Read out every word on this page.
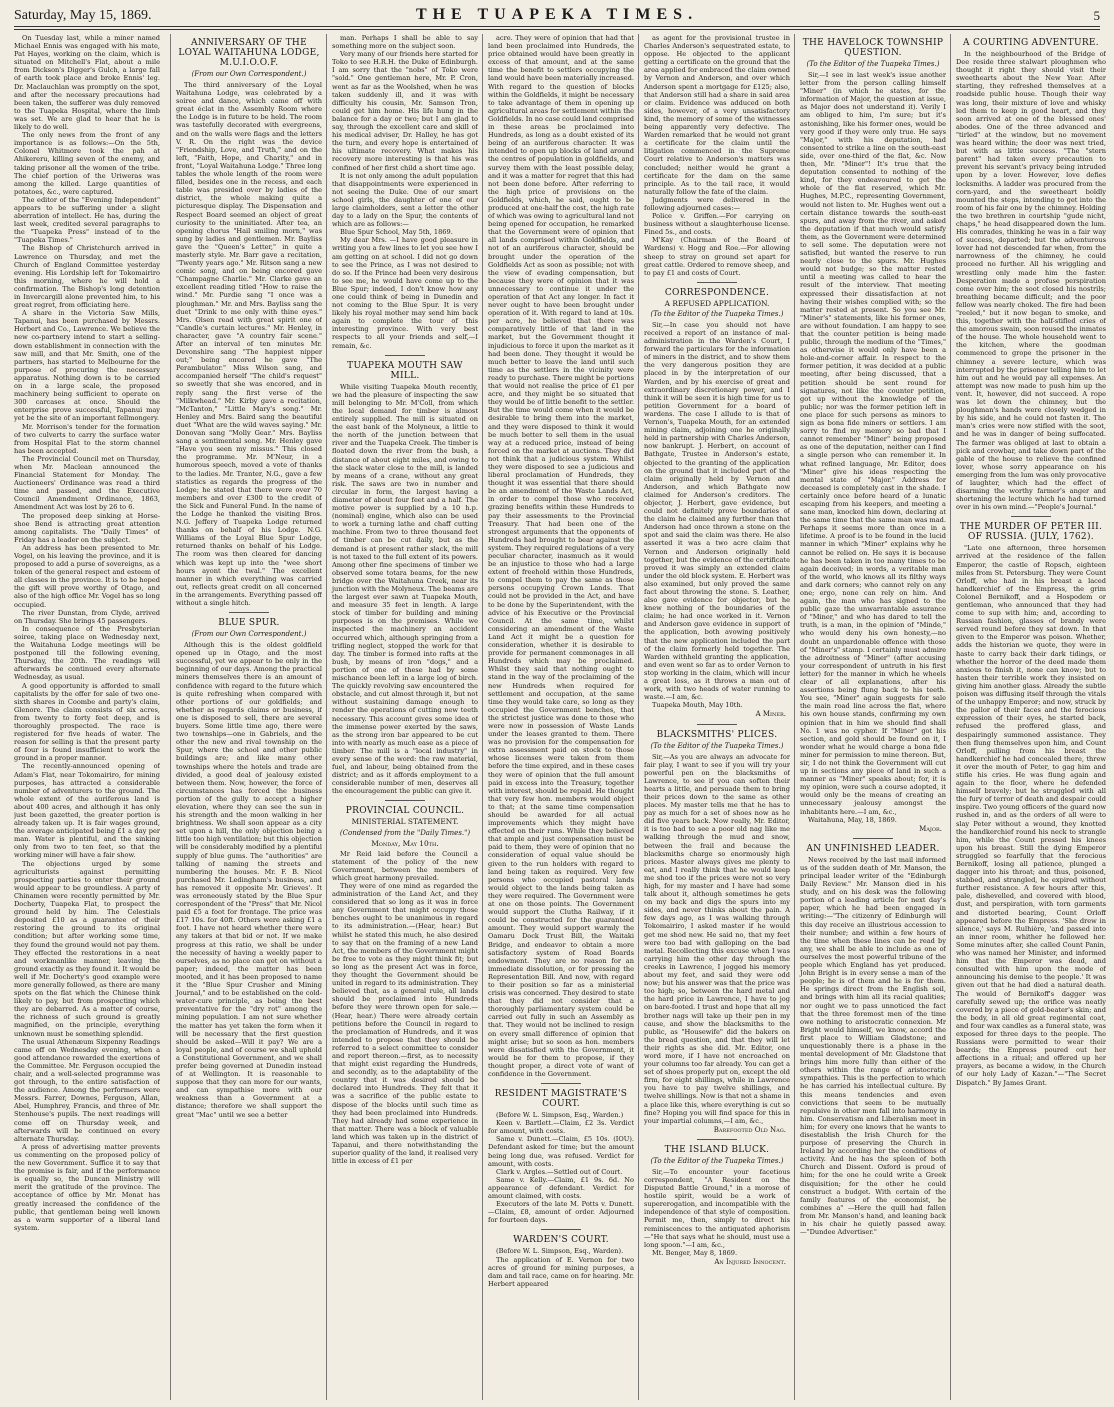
Saturday, May 15, 1869.	THE TUAPEKA TIMES.	5

On Tuesday last, while a miner named Michael Ennis was engaged with his mate, Pat Hayes, working on the claim, which is situated on Mitchell's Flat, about a mile from Dickson's Digger's Gulch, a large fall of earth took place and broke Ennis' leg. Dr. Maclauchlan was promptly on the spot, and after the necessary precautions had been taken, the sufferer was duly removed to the Tuapeka Hospital, where the limb was set. We are glad to hear that he is likely to do well.

The only news from the front of any importance is as follows:—On the 5th, Colonel Whitmore took the pah at Ahikereru, killing seven of the enemy, and taking prisoner all the women of the tribe. The chief portion of the Uriweras was among the killed. Large quantities of potatoes, &c., were captured.

The editor of the "Evening Independent" appears to be suffering under a slight aberration of intellect. He has, during the last week, credited several paragraphs to the "Tuapeka Press" instead of to the "Tuapeka Times."

The Bishop of Christchurch arrived in Lawrence on Thursday, and met the Church of England Committee yesterday evening. His Lordship left for Tokomairiro this morning, where he will hold a confirmation. The Bishop's long detention in Invercargill alone prevented him, to his great regret, from officiating here.

A share in the Victoria Saw Mills, Tapanui, has been purchased by Messrs. Herbert and Co., Lawrence. We believe the new co-partnery intend to start a selling-down establishment in connection with the saw mill, and that Mr. Smith, one of the partners, has started to Melbourne for the purpose of procuring the necessary apparatus. Nothing down is to be carried on in a large scale, the proposed machinery being sufficient to operate on 300 carcases at once. Should the enterprise prove successful, Tapanui may yet be the site of an important fellmongery.

Mr. Morrison's tender for the formation of two culverts to carry the surface water from Hospital Flat to the storm channel has been accepted.

The Provincial Council met on Thursday, when Mr. Maclean announced the Financial Statement for Monday. The Auctioneers' Ordinance was read a third time and passed, and the Executive Council Amendment Ordinance, 1863, Amendment Act was lost by 26 to 6.

The proposed deep sinking at Horse-shoe Bend is attracting great attention among capitalists. The "Daily Times" of Friday has a leader on the subject.

An address has been presented to Mr. Vogel, on his leaving the province, and it is proposed to add a purse of sovereigns, as a token of the general respect and esteem of all classes in the province. It is to be hoped the gift will prove worthy of Otago, and also of the high office Mr. Vogel has so long occupied.

The river Dunstan, from Clyde, arrived on Thursday. She brings 45 passengers.

In consequence of the Presbyterian soiree, taking place on Wednesday next, the Waitahuna Lodge meetings will be postponed till the following evening, Thursday, the 20th. The readings will afterwards be continued every alternate Wednesday, as usual.

A good opportunity is afforded to small capitalists by the offer for sale of two one-sixth shares in Coombe and party's claim, Glenore. The claim consists of six acres, from twenty to forty feet deep, and is thoroughly prospected. The race is registered for five heads of water. The reason for selling is that the present party of four is found insufficient to work the ground in a proper manner.

The recently-announced opening of Adam's Flat, near Tokomairiro, for mining purposes, has attracted a considerable number of adventurers to the ground. The whole extent of the auriferous land is about 400 acres, and although it has only just been gazetted, the greater portion is already taken up. It is fair wages ground, the average anticipated being £1 a day per man. Water is plentiful, and the sinking only from two to ten feet, so that the working miner will have a fair show.

The objections urged by some agriculturists against permitting prospecting parties to enter their ground would appear to be groundless. A party of Chinamen were recently permitted by Mr. Docherty, Tuapeka Flat, to prospect the ground held by him. The Celestials deposited £10 as a guarantee of their restoring the ground to its original condition; but after working some time, they found the ground would not pay them. They effected the restorations in a neat and workmanlike manner, leaving the ground exactly as they found it. It would be well if Mr. Docherty's good example were more generally followed, as there are many spots on the flat which the Chinese think likely to pay, but from prospecting which they are debarred. As a matter of course, the richness of such ground is greatly magnified, on the principle, everything unknown must be something splendid.

The usual Athenæum Sixpenny Readings came off on Wednesday evening, when a good attendance rewarded the exertions of the Committee. Mr. Ferguson occupied the chair, and a well-selected programme was got through, to the entire satisfaction of the audience. Among the performers were Messrs. Farrer, Downes, Ferguson, Allan, Abel, Humphrey, Francis, and three of Mr. Stenhouse's pupils. The next readings will come off on Thursday week, and afterwards will be continued on every alternate Thursday.

A press of advertising matter prevents us commenting on the proposed policy of the new Government. Suffice it to say that the promise is fair, and if the performance is equally so, the Duncan Ministry will merit the gratitude of the province. The acceptance of office by Mr. Monat has greatly increased the confidence of the public, that gentleman being well known as a warm supporter of a liberal land system.

ANNIVERSARY OF THE LOYAL WAITAHUNA LODGE, M.U.I.O.O.F.
(From our Own Correspondent.)

The third anniversary of the Loyal Waitahuna Lodge, was celebrated by a soiree and dance, which came off with great éclat in the Assembly Room where the Lodge is in future to be held. The room was tastefully decorated with evergreens, and on the walls were flags and the letters V. R. On the right was the device "Friendship, Love, and Truth," and on the left, "Faith, Hope, and Charity," and in front, "Loyal Waitahuna Lodge." Three long tables the whole length of the room were filled, besides one in the recess, and each table was presided over by ladies of the district, the whole making quite a picturesque display. The Dispensation and Respect Board seemed an object of great curiosity to the uninitiated. After tea, an opening chorus "Hail smiling morn," was sung by ladies and gentlemen. Mr. Bayliss gave the "Queen's Letter," in quite a masterly style. Mr. Barr gave a recitation, "Twenty years ago." Mr. Ritson sang a new comic song, and on being encored gave "Champagne Charlie." Mr. Clarke gave an excellent reading titled "How to raise the wind." Mr. Purdie sang "I once was a ploughman." Mr. and Mrs. Bayliss sang the duet "Drink to me only with thine eyes." Mrs. Olsen read with great spirit one of "Candle's curtain lectures." Mr. Henley, in character, gave "A country fair scene." After an interval of ten minutes Mr. Devonshire sang "The happiest nipper out;" being encored he gave "The Perambulator." Miss Wilson sang, and accompanied herself "The child's request" so sweetly that she was encored, and in reply sang the first verse of the "Milkwhead." Mr. Kirby gave a recitation, "McTanton," "Little Mary's song." Mr. Henley and Mrs. Baird sang the beautiful duet "What are the wild waves saying." Mr. Donovan sang "Molly Gear." Mrs. Bayliss sang a sentimental song. Mr. Henley gave "Have you seen my missus." This closed the programme. Mr. M'Neur, in a humorous speech, moved a vote of thanks to the ladies. Mr. Tranter, N.G., gave a few statistics as regards the progress of the Lodge; he stated that there were over 70 members and over £300 to the credit of the Sick and Funeral Fund. In the name of the Lodge he thanked the visiting Bros. N.G. Jeffery of Tuapeka Lodge returned thanks on behalf of his Lodge. N.G. Williams of the Loyal Blue Spur Lodge, returned thanks on behalf of his Lodge. The room was then cleared for dancing which was kept up into the "wee short hours ayont the twal." The excellent manner in which everything was carried out, reflects great credit on all concerned in the arrangements. Everything passed off without a single hitch.

BLUE SPUR.
(From our Own Correspondent.)

Although this is the oldest goldfield opened up in Otago, and the most successful, yet we appear to be only in the beginning of our days. Among the practical miners themselves there is an amount of confidence with regard to the future which is quite refreshing when compared with other portions of our goldfields; and whether as regards claims or business, if one is disposed to sell, there are several buyers. Some little time ago, there were two townships—one in Gabriels, and the other the new and rival township on the Spur, where the school and other public buildings are; and like many other townships where the hotels and trade are divided, a good deal of jealousy existed between them. Now, however, the force of circumstances has forced the business portion of the gully to accept a higher elevation, where they can see the sun in his strength and the moon walking in her brightness. We shall soon appear as a city set upon a hill, the only objection being a little too high ventilation; but this objection will be considerably modified by a plentiful supply of blue gums. The "authorities" are talking of naming the streets and numbering the houses. Mr. F. B. Nicol purchased Mr. Ledingham's business, and has removed it opposite Mr. Grieves'. It was erroneously stated by the Blue Spur correspondent of the "Press" that Mr. Nicol paid £5 a foot for frontage. The price was £17 10s. for 40ft. Others were asking £1 a foot. I have not heard whether there were any takers at that bid or not. If we make progress at this ratio, we shall be under the necessity of having a weekly paper to ourselves, as no place can get on without a paper; indeed, the matter has been mooted, and it has been proposed to name it the "Blue Spur Crusher and Mining Journal," and to be established on the cold-water-cure principle, as being the best preventative for the "dry rot" among the mining population. I am not sure whether the matter has yet taken the form when it will be necessary that the first question should be asked—Will it pay? We are a loyal people, and of course we shall uphold a Constitutional Government, and we shall prefer being governed at Dunedin instead of at Wellington. It is reasonable to suppose that they can more for our wants, and can sympathise more with our weakness than a Government at a distance; therefore we shall support the great "Mac" until we see a better

man. Perhaps I shall be able to say something more on the subject soon.

Very many of our friends here started for Toko to see H.R.H. the Duke of Edinburgh. I am sorry that the "nobs" of Toko were "sold." One gentleman here, Mr. P. Cron, went as far as the Woolshed, when he was taken suddenly ill, and it was with difficulty his cousin, Mr. Samson Tron, could get him home. His life hung in the balance for a day or two; but I am glad to say, through the excellent care and skill of his medical adviser, Dr. Halley, he has got the turn, and every hope is entertained of his ultimate recovery. What makes his recovery more interesting is that his was confined of her first child a short time ago.

It is not only among the adult population that disappointments were experienced in not seeing the Duke. One of our smart school girls, the daughter of one of our large claimholders, sent a letter the other day to a lady on the Spur, the contents of which are as follows:—

Blue Spur School, May 5th, 1869.

My dear Mrs. —I have good pleasure in writing you a few lines to let you see how I am getting on at school. I did not go down to see the Prince, as I was not desired to do so. If the Prince had been very desirous to see me, he would have come up to the Blue Spur; indeed, I don't know how any one could think of being in Dunedin and not coming to the Blue Spur. It is very likely his royal mother may send him back again to complete the tour of this interesting province. With very best respects to all your friends and self,—I remain, &c.

TUAPEKA MOUTH SAW MILL.

While visiting Tuapeka Mouth recently, we had the pleasure of inspecting the saw mill belonging to Mr. M'Coll, from which the local demand for timber is almost entirely supplied. The mill is situated on the east bank of the Molyneux, a little to the north of the junction between that river and the Tuapeka Creek. The timber is floated down the river from the bush, a distance of about eight miles, and owing to the slack water close to the mill, is landed by means of a crane, without any great risk. The saws are two in number and circular in form, the largest having a diameter of about four feet and a half. The motive power is supplied by a 10 h.p. (nominal) engine, which also can be used to work a turning lathe and chaff cutting machine. From two to three thousand feet of timber can be cut daily, but as the demand is at present rather slack, the mill is not taxed to the full extent of its powers. Among other fine specimens of timber we observed some totara beams, for the new bridge over the Waitahuna Creek, near its junction with the Molyneux. The beams are the largest ever sawn at Tuapeka Mouth, and measure 35 feet in length. A large stock of timber for building and mining purposes is on the premises. While we inspected the machinery an accident occurred which, although springing from a trifling neglect, stopped the work for that day. The timber is formed into rafts at the bush, by means of iron "dogs," and a portion of one of these had by some mischance been left in a large log of birch. The quickly revolving saw encountered the obstacle, and cut almost through it, but not without sustaining damage enough to render the operations of cutting new teeth necessary. This account gives some idea of the immense power exerted by the saws, as the strong iron bar appeared to be cut into with nearly as much ease as a piece of timber. The mill is a "local industry" in every sense of the word: the raw material, fuel, and labour, being obtained from the district; and as it affords employment to a considerable number of men, deserves all the encouragement the public can give it.

PROVINCIAL COUNCIL.
MINISTERIAL STATEMENT.
(Condensed from the "Daily Times.")
Monday, May 10th.

Mr Reid laid before the Council a statement of the policy of the new Government, between the members of which great harmony prevailed.

They were of one mind as regarded the administration of the Land Act, and they considered that so long as it was in force any Government that might occupy those benches ought to be unanimous in regard to its administration.—(Hear, hear.) But whilst he stated this much, he also desired to say that on the framing of a new Land Act, the members of the Government might be free to vote as they might think fit; but so long as the present Act was in force, they thought the Government should be united in regard to its administration. They believed that, as a general rule, all lands should be proclaimed into Hundreds before they were thrown open for sale.—(Hear, hear.) There were already certain petitions before the Council in regard to the proclamation of Hundreds, and it was intended to propose that they should be referred to a select committee to consider and report thereon.—first, as to necessity that might exist regarding the Hundreds, and secondly, as to the adaptability of the country that it was desired should be declared into Hundreds. They felt that it was a sacrifice of the public estate to dispose of the blocks until such time as they had been proclaimed into Hundreds. They had already had some experience in that matter. There was a block of valuable land which was taken up in the district of Tapanui, and there notwithstanding the superior quality of the land, it realised very little in excess of £1 per

acre. They were of opinion that had that land been proclaimed into Hundreds, the price obtained would have been greatly in excess of that amount, and at the same time the benefit to settlers occupying the land would have been materially increased. With regard to the question of blocks within the Goldfields, it might be necessary to take advantage of them in opening up agricultural areas for settlement within the Goldfields. In no case could land comprised in these areas be proclaimed into Hundreds, as long as a doubt existed of its being of an auriferous character. It was intended to open up blocks of land around the centres of population in goldfields, and survey them with the least possible delay, and it was a matter for regret that this had not been done before. After referring to the high price of provisions on the Goldfields, which, he said, ought to be produced at one-half the cost, the high rate of which was owing to agricultural land not being opened for occupation, he remarked that the Government were of opinion that all lands comprised within Goldfields, and not of an auriferous character, should be brought under the operation of the Goldfields Act as soon as possible; not with the view of evading compensation, but because they were of opinion that it was unnecessary to continue it under the operation of that Act any longer. In fact it never ought to have been brought under operation of it. With regard to land at 10s. per acre, he believed that there was comparatively little of that land in the market, but the Government thought it injudicious to force it upon the market as it had been done. They thought it would be much better to leave the land until such time as the settlers in the vicinity were ready to purchase. There might be portions that would not realise the price of £1 per acre, and they might be so situated that they would be of little benefit to the settler. But the time would come when it would be desirable to bring them into the market, and they were disposed to think it would be much better to sell them in the usual way at a reduced price, instead of being forced on the market at auctions. They did not think that a judicious system. Whilst they were disposed to see a judicious and liberal proclamation of Hundreds, they thought it was essential that there should be an amendment of the Waste Lands Act, in order to compel those who received grazing benefits within these Hundreds to pay their assessments to the Provincial Treasury. That had been one of the strongest arguments that the opponents of Hundreds had brought to bear against the system. They required regulations of a very peculiar character, inasmuch as it would be an injustice to those who had a large extent of freehold within those Hundreds, to compel them to pay the same as those persons occupying Crown Lands. That could not be provided in the Act, and have to be done by the Superintendent, with the advice of his Executive or the Provincial Council. At the same time, whilst considering an amendment of the Waste Land Act it might be a question for consideration, whether it is desirable to provide for permanent commonages in all Hundreds which may be proclaimed. Whilst they said that nothing ought to stand in the way of the proclaiming of the new Hundreds when required for settlement and occupation, at the same time they would take care, so long as they occupied the Government benches, that the strictest justice was done to those who were now in possession of Waste Lands under the leases granted to them. There was no provision for the compensation for extra assessment paid on stock to those whose licenses were taken from them before the time expired, and in these cases they were of opinion that the full amount paid in excess into the Treasury, together with interest, should be repaid. He thought that very few hon. members would object to that; at the same time compensation should be awarded for all actual improvements which they might have effected on their runs. While they believed that ample and just compensation must be paid to them, they were of opinion that no consideration of equal value should be given to the run holders with regard to land being taken as required. Very few persons who occupied pastoral lands would object to the lands being taken as they were required. The Government were at one on those points. The Government would support the Clutha Railway, if it could be constructed for the guaranteed amount. They would support warmly the Oamaru Dock Trust Bill, the Waitaki Bridge, and endeavor to obtain a more satisfactory system of Road Boards endowment. They are no reason for an immediate dissolution, or for pressing the Representation Bill. And now, with regard to their position so far as a ministerial crisis was concerned. They desired to state that they did not consider that a thoroughly parliamentary system could be carried out fully in such an Assembly as that. They would not be inclined to resign on every small difference of opinion that might arise; but so soon as hon. members were dissatisfied with the Government, it would be for them to propose, if they thought proper, a direct vote of want of confidence in the Government.

RESIDENT MAGISTRATE'S COURT.

(Before W. L. Simpson, Esq., Warden.)

Keen v. Bartlett.—Claim, £2 3s. Verdict for amount, with costs.

Same v. Dunett.—Claim, £5 10s. (IOU). Defendant asked for time; but the amount being long due, was refused. Verdict for amount, with costs.

Clark v. Argles.—Settled out of Court.

Same v. Kelly.—Claim, £1 9s. 6d. No appearance of defendant. Verdict for amount claimed, with costs.

Executors of the late M. Potts v. Dunett.—Claim, £8, amount of order. Adjourned for fourteen days.

WARDEN'S COURT.

(Before W. L. Simpson, Esq., Warden).

The application of E. Vernon for two acres of ground for mining purposes, a dam and tail race, came on for hearing. Mr. Herbert appeared

as agent for the provisional trustee in Charles Anderson's sequestrated estate, to oppose. He objected to the applicant getting a certificate on the ground that the area applied for embraced the claim owned by Vernon and Anderson, and over which Anderson spent a mortgage for £125; also, that Anderson still had a share in said area or claim. Evidence was adduced on both sides, however, of a very unsatisfactory kind, the memory of some of the witnesses being apparently very defective. The Warden remarked that he would not grant a certificate for the claim until the litigation commenced in the Supreme Court relative to Anderson's matters was concluded; neither would he grant a certificate for the dam on the same principle. As to the tail race, it would naturally follow the fate of the claim.

Judgments were delivered in the following adjourned cases:—

Police v. Griffen.—For carrying on business without a slaughterhouse license. Fined 5s., and costs.

M'Kay (Chairman of the Board of Wardens) v. Hogg and Roe.—For allowing sheep to stray on ground set apart for great cattle. Ordered to remove sheep, and to pay £1 and costs of Court.

CORRESPONDENCE.
A REFUSED APPLICATION.
(To the Editor of the Tuapeka Times.)

Sir,—In case you should not have received a report of an instance of mal-administration in the Warden's Court, I forward the particulars for the information of miners in the district, and to show them the very dangerous position they are placed in by the interpretation of our Warden, and by his exercise of great and extraordinary discretionary power, and I think it will be seen it is high time for us to petition Government for a board of wardens. The case I allude to is that of Vernon's, Tuapeka Mouth, for an extended mining claim, adjoining one he originally held in partnership with Charles Anderson, now bankrupt. J. Herbert, on account of Bathgate, Trustee in Anderson's estate, objected to the granting of the application on the ground that it included part of the claim originally held by Vernon and Anderson, and which Bathgate now claimed for Anderson's creditors. The objector, J. Herbert, gave evidence, but could not definitely prove boundaries of the claim he claimed any further than that Anderson had once thrown a stone on the spot and said the claim was there. He also asserted it was a two acre claim that Vernon and Anderson originally held together, but the evidence of the certificate proved it was simply an extended claim under the old block system. E. Herbert was also examined, but only proved the same fact about throwing the stone. S. Leather, also gave evidence for objector, but he knew nothing of the boundaries of the claim; he had once worked in it. Vernon and Anderson gave evidence in support of the application, both avowing positively that the new application included the part of the claim formerly held together. The Warden withheld granting the application, and even went so far as to order Vernon to stop working in the claim, which will incur a great loss, as it throws a man out of work, with two heads of water running to waste.—I am, &c.

Tuapeka Mouth, May 10th.

A Miner.
BLACKSMITHS' PLICES.
(To the Editor of the Tuapeka Times.)

Sir,—As you are always an advocate for fair play, I want to see if you will try your powerful pen on the blacksmiths of Lawrence, to see if you can soften their hearts a little, and persuade them to bring their prices down to the same as other places. My master tells me that he has to pay as much for a set of shoes now as he did five years back. Now really, Mr. Editor, it is too bad to see a poor old nag like me walking through the mud and snow, between the frail and because the blacksmiths charge so enormously high prices. Master always gives me plenty to eat, and I really think that he would keep me shod too if the prices were not so very high, for my master and I have had some talk about it, although sometimes he gets on my back and digs the spurs into my sides, and never thinks about the pain. A few days ago, as I was walking through Tokomairiro, I asked master if he would get me shod new. He said no, that my feet were too bad with galloping on the bad metal. Recollecting this excuse when I was carrying him the other day through the creeks in Lawrence, I jogged his memory about my feet, and said they were odd now; but his answer was that the price was too high; so, between the hard metal and the hard price in Lawrence, I have to jog on bare-footed. I trust and hope that all my brother nags will take up their pen in my cause, and show the blacksmiths to the public, as "Housewife" did the bakers on the bread question, and that they will let their rights as she did. Mr. Editor, one word more, if I have not encroached on your columns too far already. You can get a set of shoes properly put on, except the old firm, for eight shillings, while in Lawrence you have to pay twelve shillings, and twelve shillings. Now is that not a shame in a place like this, where everything is cut so fine? Hoping you will find space for this in your impartial columns,—I am, &c.,

Barefooted Old Nag.
THE ISLAND BLUCK.
(To the Editor of the Tuapeka Times.)

Sir,—To encounter your facetious correspondent, "A Resident on the Disputed Battle Ground," in a morose of hostile spirit, would be a work of supererogation, and incompatible with the independence of that style of composition. Permit me, then, simply to direct his reminiscences to the antiquated aphorism—"He that says what he should, must use a long spoon."—I am, &c.,

Mt. Benger, May 8, 1869.

An Injured Innocent.
THE HAVELOCK TOWNSHIP QUESTION.
(To the Editor of the Tuapeka Times.)

Sir,—I see in last week's issue another letter from the person calling himself "Miner" (in which he states, for the information of Major, the question at issue, as Major does not understand it). Verily I am obliged to him, I'm sure; but it's astonishing, like his former ones, would be very good if they were only true. He says "Major," with his deputation, had consented to strike a line on the south-east side, over one-third of the flat, &c. Now then, Mr. "Miner"! It's true that the deputation consented to nothing of the kind, for they endeavoured to get the whole of the flat reserved, which Mr. Hughes, M.P.C., representing Government, would not listen to. Mr. Hughes went out a certain distance towards the south-east spurs, and away from the river, and asked the deputation if that much would satisfy them, as the Government were determined to sell some. The deputation were not satisfied, but wanted the reserve to run nearly close to the spurs. Mr. Hughes would not budge; so the matter rested until a meeting was called to hear the result of the interview. That meeting expressed their dissatisfaction at not having their wishes complied with; so the matter rested at present. So you see Mr. "Miner's" statements, like his former ones, are without foundation. I am happy to see that the counter petition is being made public, through the medium of the "Times," as otherwise it would only have been a hole-and-corner affair. In respect to the former petition, it was decided at a public meeting, after being discussed, that a petition should be sent round for signatures, not like the counter petition, got up without the knowledge of the public; nor was the former petition left in one place for such persons as minors to sign as bona fide miners or settlers. I am sorry to find my memory so bad that I cannot remember "Miner" being proposed as one of the deputation, neither can I find a single person who can remember it. In what refined language, Mr. Editor, does "Miner" give his ideas respecting the mental state of "Major." Address for deceased is completely cast in the shade. I certainly once before heard of a lunatic escaping from his keepers, and meeting a sane man, knocked him down, declaring at the same time that the same man was mad. Perhaps it seems more than once in a lifetime. A proof is to be found in the lucid manner in which "Miner" explains why he cannot be relied on. He says it is because he has been taken in too many times to be again deceived; in words, a veritable man of the world, who knows all its filthy ways and dark corners; who cannot rely on any one; ergo, none can rely on him. And again, the man who has signed to the public gaze the unwarrantable assurance of "Miner," and who has dared to tell the truth, is a man, in the opinion of "Minde," who would deny his own honesty,—no doubt an unpardonable offence with those of "Miner's" stamp. I certainly must admire the adroitness of "Miner" (after accusing your correspondent of untruth in his first letter) for the manner in which he wheels clear of all explanations, after his assertions being flung back to his teeth. You see, "Miner" again suggests for sale the main road line across the flat, where his own house stands, confirming my own opinion that in him we should find shall No. 1 was no cypher. If "Miner" got his section, and gold should be found on it, I wonder what he would charge a bona fide miner for permission to mine thereon. But, sir, I do not think the Government will cut up in sections any piece of land in such a manner as "Miner" speaks about; for, it is my opinion, were such a course adopted, it would only be the means of creating an unnecessary jealousy amongst the inhabitants here.—I am, &c.,

Waitahuna, May, 18, 1869.

Major.
AN UNFINISHED LEADER.

News received by the last mail informed us of the sudden death of Mr. Manson, the principal leader writer of the "Edinburgh Daily Review." Mr. Manson died in his study, and on his desk was the following portion of a leading article for next day's paper, which he had been engaged in writing:—"The citizenry of Edinburgh will this day receive an illustrious accession to their number; and within a few hours of the time when these lines can be read by any, we shall be able to include as one of ourselves the most powerful tribune of the people which England has yet produced. John Bright is in every sense a man of the people; he is of them and he is for them. He springs direct from the English soil, and brings with him all its racial qualities; nor ought we to pass unnoticed the fact that the three foremost men of the time owe nothing to aristocratic connexion. Mr Bright would himself, we know, accord the first place to William Gladstone; and unquestionably there is a phase in the mental development of Mr. Gladstone that brings him more fully than either of the others within the range of aristocratic sympathies. This is the perfection to which he has carried his intellectual culture. By this means tendencies and even convictions that seem to be mutually repulsive in other men fall into harmony in him. Conservatism and Liberalism meet in him; for every one knows that he wants to disestablish the Irish Church for the purpose of preserving the Church in Ireland by according her the conditions of activity. And he has the spleen of both Church and Dissent. Oxford is proud of him; for the one he could write a Greek disquisition; for the other he could construct a budget. With certain of the family features of the economist, he combines a" —Here the quill had fallen from Mr. Manson's hand, and leaning back in his chair he quietly passed away.—"Dundee Advertiser."

A COURTING ADVENTURE.

In the neighbourhood of the Bridge of Dee reside three stalwart ploughmen who thought it right they should visit their sweethearts about the New Year. After starting, they refreshed themselves at a roadside public house. Though their way was long, their mixture of love and whisky led them to keep in good heart, and they soon arrived at one of the blessed ones' abodes. One of the three advanced and "tirled" at the window, but no movement was heard within; the door was next tried, but with as little success. "The "stern parent" had taken every precaution to prevent his servant's privacy being intruded upon by a lover. However, love defies locksmiths. A ladder was procured from the corn-yard, and the sweetheart boldly mounted the steps, intending to get into the room of his fair one by the chimney. Holding the two brethren in courtship "gude nicht, chaps," he head disappeared down the lum. His comrades, thinking he was in a fair way of success, departed; but the adventurous lover had not descended far when, from the narrowness of the chimney, he could proceed no further. All his wriggling and wrestling only made him the faster. Desperation made a profuse perspiration come over him; the soot closed his nostrils; breathing became difficult; and the poor fellow was nearly choked. The fire had been "reeled," but it now began to smoke, and this, together with the half-stifled cries of the amorous swain, soon roused the inmates of the house. The whole household went to the kitchen, where the goodman commenced to grope the prisoner in the chimney a severe lecture, which was interrupted by the prisoner telling him to let him out and he would pay all expenses. An attempt was now made to push him up the vent. It, however, did not succeed. A rope was let down the chimney, but the ploughman's hands were closely wedged in by his side, and he could not fasten it. The man's cries were now stifled with the soot, and he was in danger of being suffocated. The farmer was obliged at last to obtain a pick and crowbar, and take down part of the gable of the house to relieve the confined lover, whose sorry appearance on his emerging from the lum was only provocative of laughter, which had the effect of disarming the worthy farmer's anger and shortening the lecture which he had turned over in his own mind.—"People's Journal."

THE MURDER OF PETER III. OF RUSSIA. (JULY, 1762).

"Late one afternoon, three horsemen arrived at the residence of the fallen Emperor, the castle of Ropsch, eighteen miles from St. Petersburg. They were Count Orloff, who had in his breast a laced handkerchief of the Empress, the grim Colonel Bernikoff, and a Hospodem or gentleman, who announced that they had come to sup with him; and, according to Russian fashion, glasses of brandy were served round before they sat down. In that given to the Emperor was poison. Whether, adds the historian we quote, they were in haste to carry back their dark tidings, or whether the horror of the deed made them anxious to finish it, none can know; but to hasten their terrible work they insisted on giving him another glass. Already the subtle poison was diffusing itself through the vitals of the unhappy Emperor; and now, struck by the pallor of their faces and the ferocious expression of their eyes, he started back, refused the proffered glass, and despairingly summoned assistance. They then flung themselves upon him, and Count Orloff, pulling from his breast the handkerchief he had concealed there, threw it over the mouth of Peter, to gag him and stifle his cries. He was flung again and again to the floor, where he defended himself bravely; but he struggled with all the fury of terror of death and despair could inspire. Two young officers of the guard now rushed in, and as the orders of all were to slay Peter without a wound, they knotted the handkerchief round his neck to strangle him, while the Count pressed his knees upon his breast. Still the dying Emperor struggled so fearfully that the ferocious Bernikoff, losing all patience, plunged a dagger into his throat; and thus, poisoned, stabbed, and strangled, he expired without further resistance. A few hours after this, pale, dishevelled, and covered with blood, dust, and perspiration, with torn garments and distorted bearing, Count Orloff appeared before the Empress. 'She drew in silence,' says M. Rulhière, 'and passed into an inner room, whither he followed her. Some minutes after, she called Count Panin, who was named her Minister, and informed him that the Emperor was dead, and consulted with him upon the mode of announcing his demise to the people.' It was given out that he had died a natural death. The would of Bernikoff's dagger was carefully sewed up; the orifice was neatly covered by a piece of gold-beater's skin; and the body, in all old great regimental coat, and four wax candles as a funeral state, was exposed for three days to the people. The Russians were permitted to wear their beards; the Empress poured out her affections in a ritual; and offered up her prayers, as became a widow, in the Church of our holy Lady of Kazan."—"The Secret Dispatch." By James Grant.
